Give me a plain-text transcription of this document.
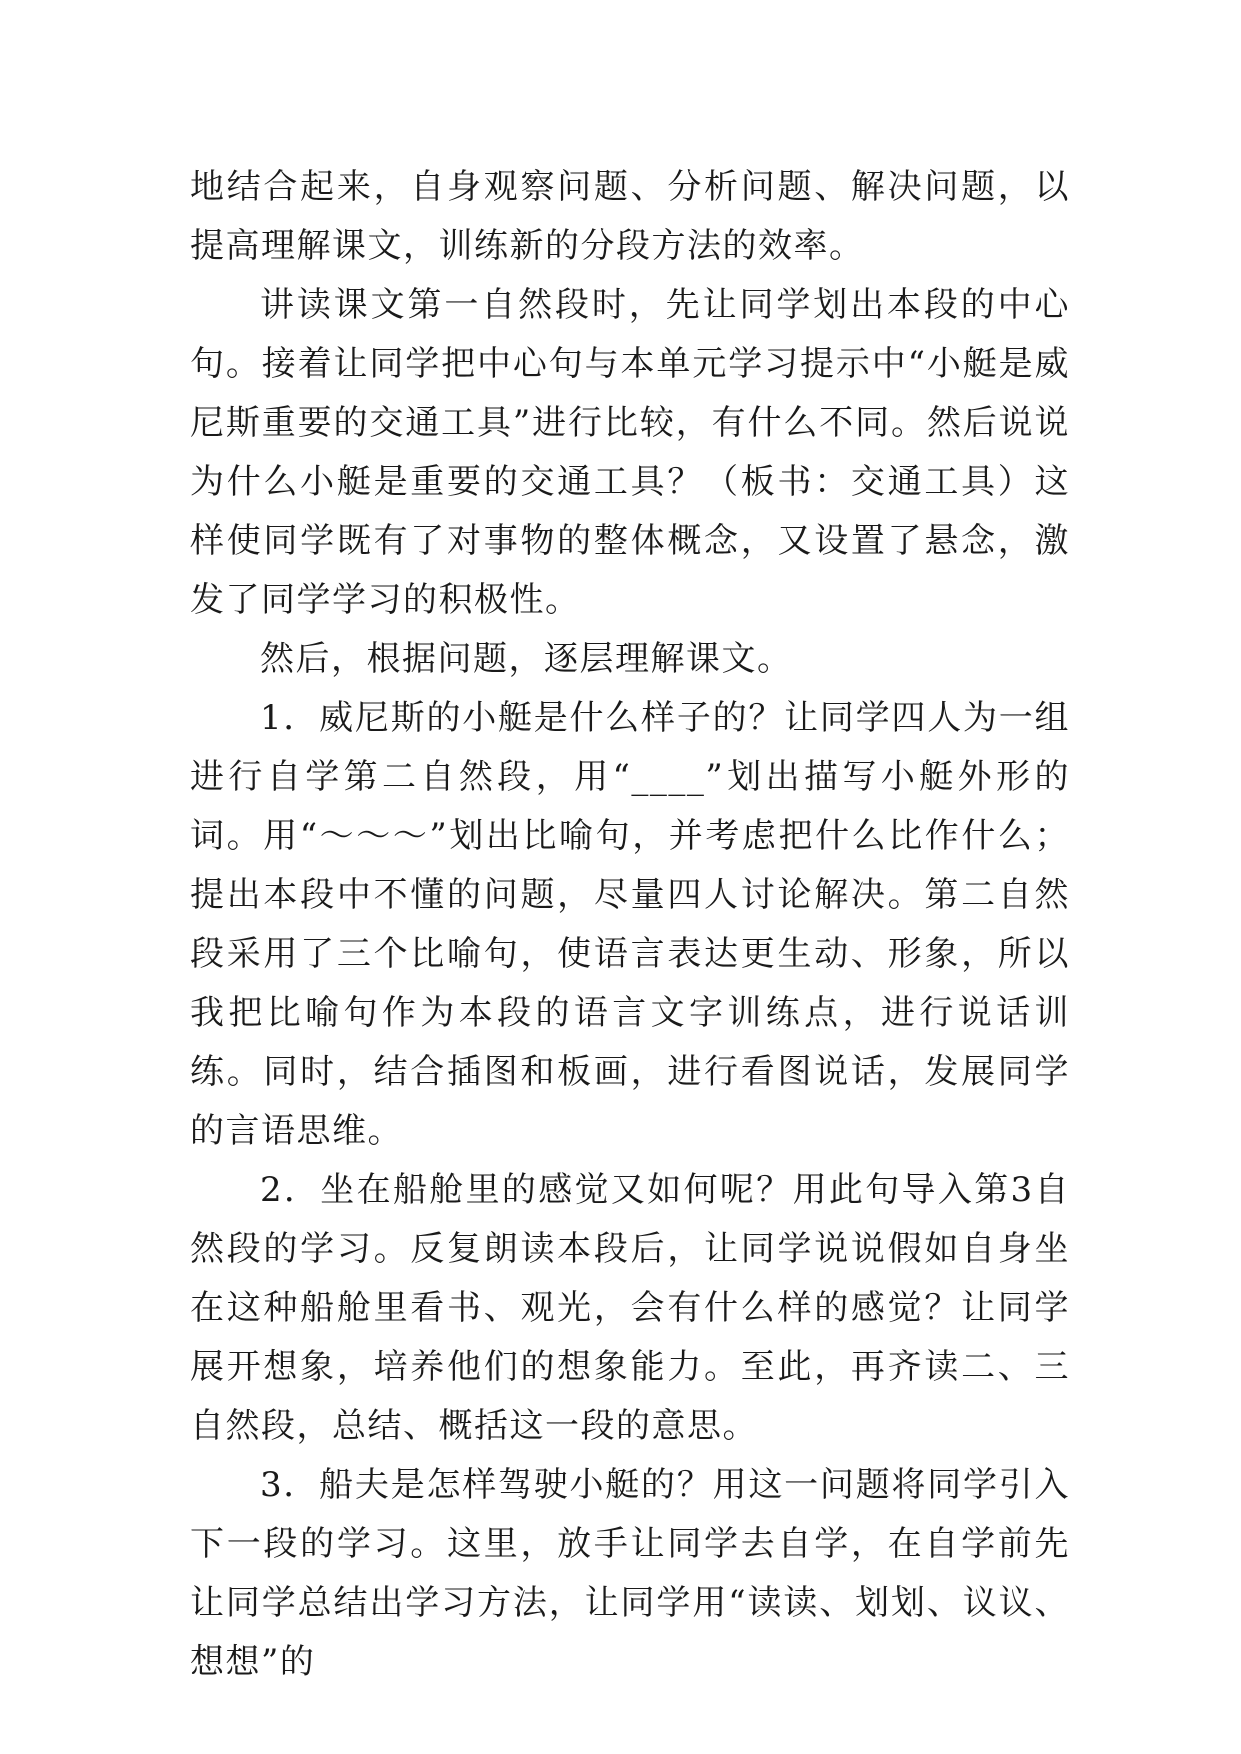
地结合起来，自身观察问题、分析问题、解决问题，以提高理解课文，训练新的分段方法的效率。

讲读课文第一自然段时，先让同学划出本段的中心句。接着让同学把中心句与本单元学习提示中“小艇是威尼斯重要的交通工具”进行比较，有什么不同。然后说说为什么小艇是重要的交通工具？（板书：交通工具）这样使同学既有了对事物的整体概念，又设置了悬念，激发了同学学习的积极性。

然后，根据问题，逐层理解课文。

1．威尼斯的小艇是什么样子的？让同学四人为一组进行自学第二自然段，用“____”划出描写小艇外形的词。用“～～～”划出比喻句，并考虑把什么比作什么；提出本段中不懂的问题，尽量四人讨论解决。第二自然段采用了三个比喻句，使语言表达更生动、形象，所以我把比喻句作为本段的语言文字训练点，进行说话训练。同时，结合插图和板画，进行看图说话，发展同学的言语思维。

2．坐在船舱里的感觉又如何呢？用此句导入第3自然段的学习。反复朗读本段后，让同学说说假如自身坐在这种船舱里看书、观光，会有什么样的感觉？让同学展开想象，培养他们的想象能力。至此，再齐读二、三自然段，总结、概括这一段的意思。

3．船夫是怎样驾驶小艇的？用这一问题将同学引入下一段的学习。这里，放手让同学去自学，在自学前先让同学总结出学习方法，让同学用“读读、划划、议议、想想”的
